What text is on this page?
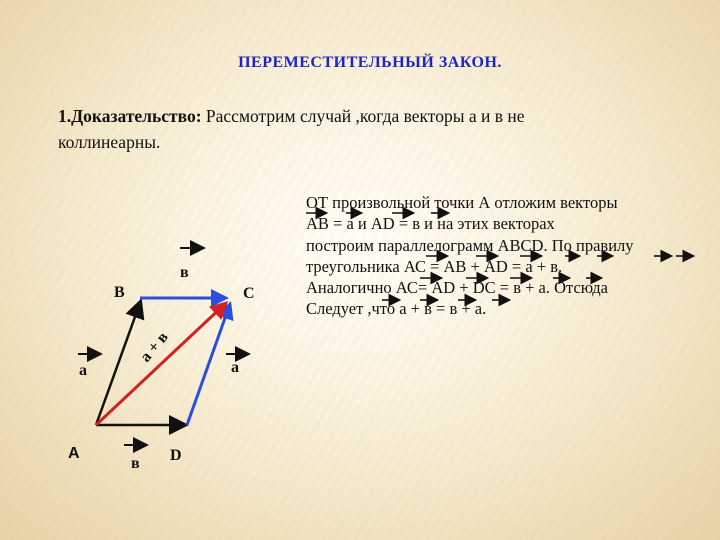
ПЕРЕМЕСТИТЕЛЬНЫЙ ЗАКОН.
1.Доказательство: Рассмотрим случай ,когда векторы а и в не
коллинеарны.
ОТ произвольной точки А отложим векторы
АВ = а и АD = в и на этих векторах
построим параллелограмм АВСD. По правилу
треугольника АС = АВ + АD = а + в.
Аналогично АС= АD + DС = в + а. Отсюда
Следует ,что а + в = в + а.
B	C
A	D
в
а	а
в
а + в
